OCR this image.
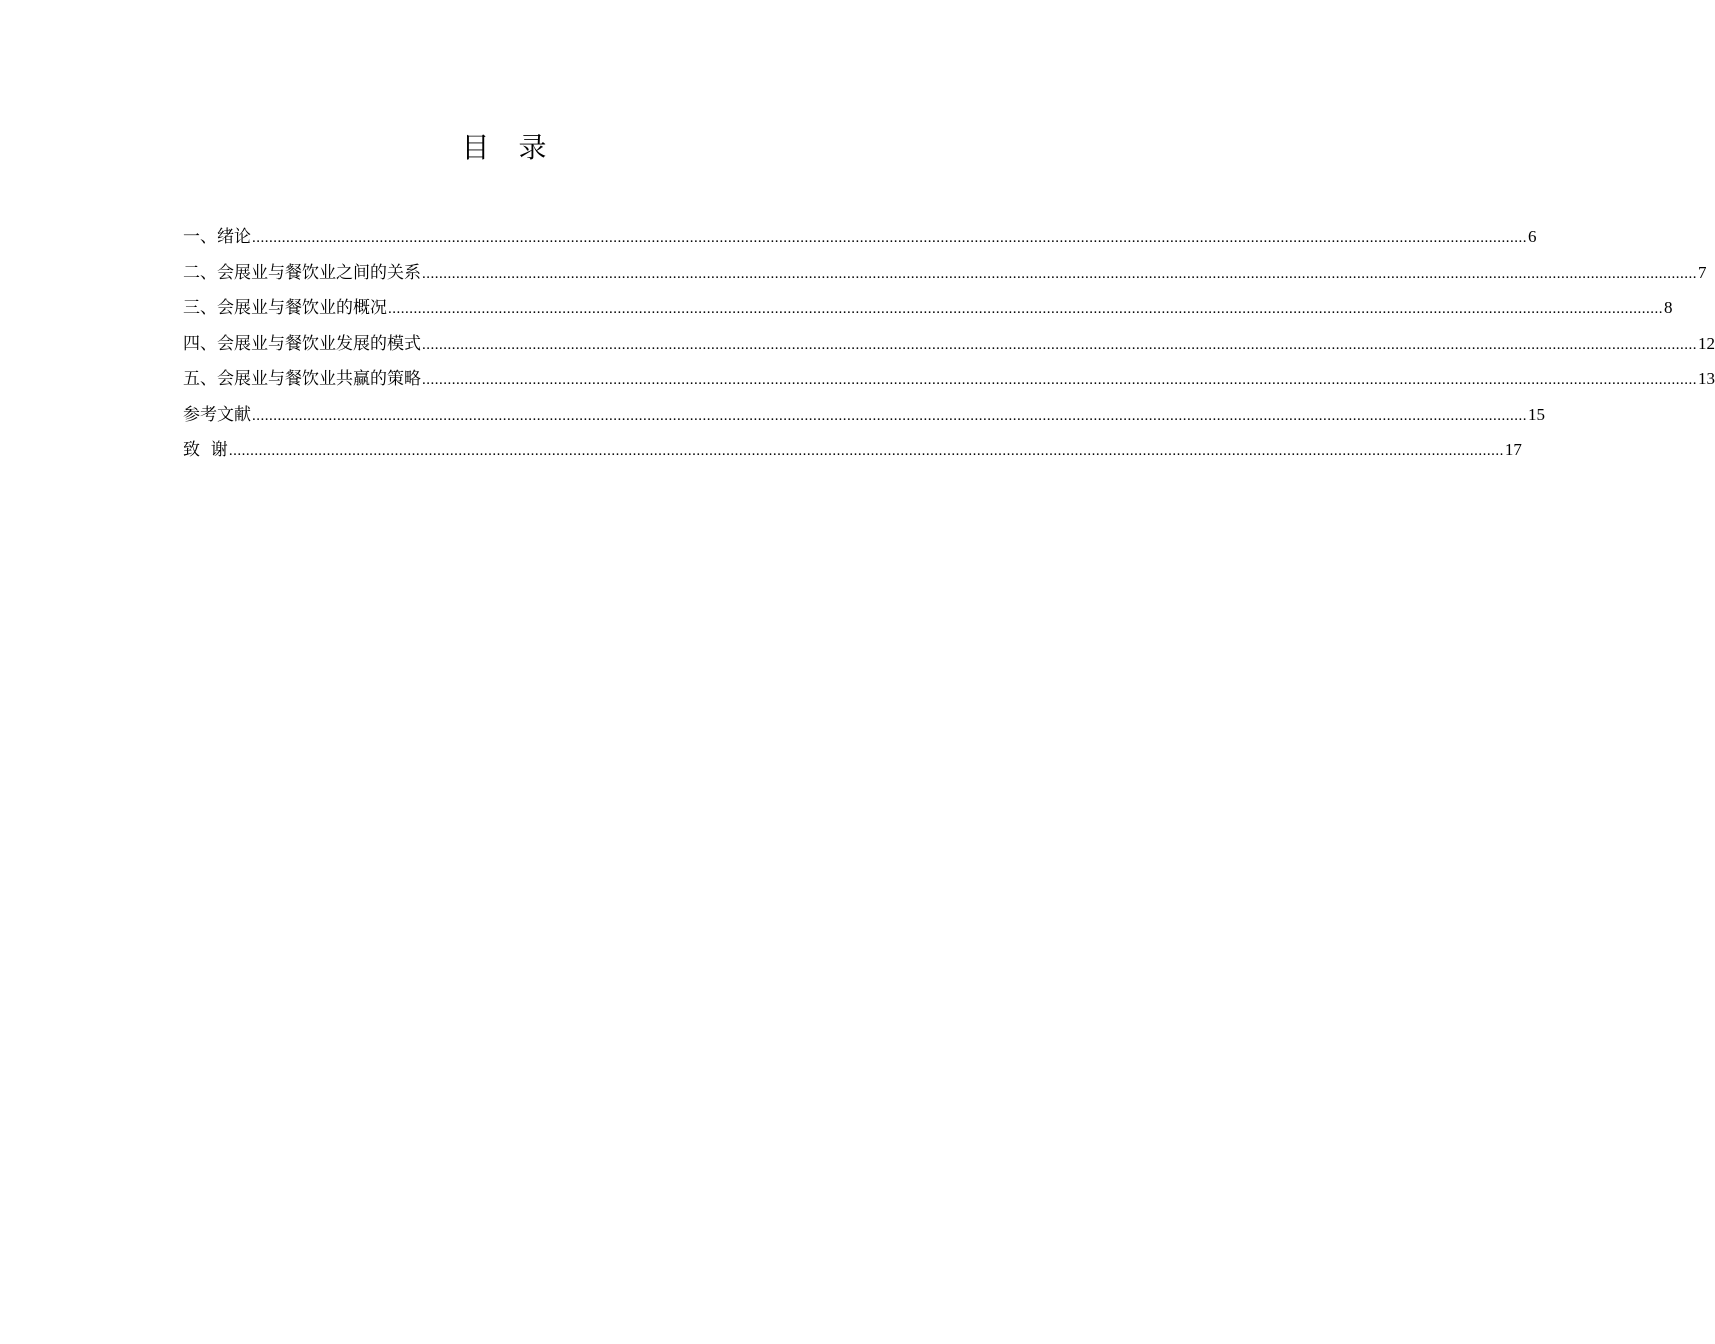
目 录
一、绪论 ............................................................................................................................................................................................................................................................................................................ 6
二、会展业与餐饮业之间的关系 ............................................................................................................................................................................................................................................................................................................ 7
三、会展业与餐饮业的概况 ............................................................................................................................................................................................................................................................................................................ 8
四、会展业与餐饮业发展的模式 ............................................................................................................................................................................................................................................................................................................ 12
五、会展业与餐饮业共赢的策略 ............................................................................................................................................................................................................................................................................................................ 13
参考文献 ............................................................................................................................................................................................................................................................................................................ 15
致  谢 ............................................................................................................................................................................................................................................................................................................ 17
